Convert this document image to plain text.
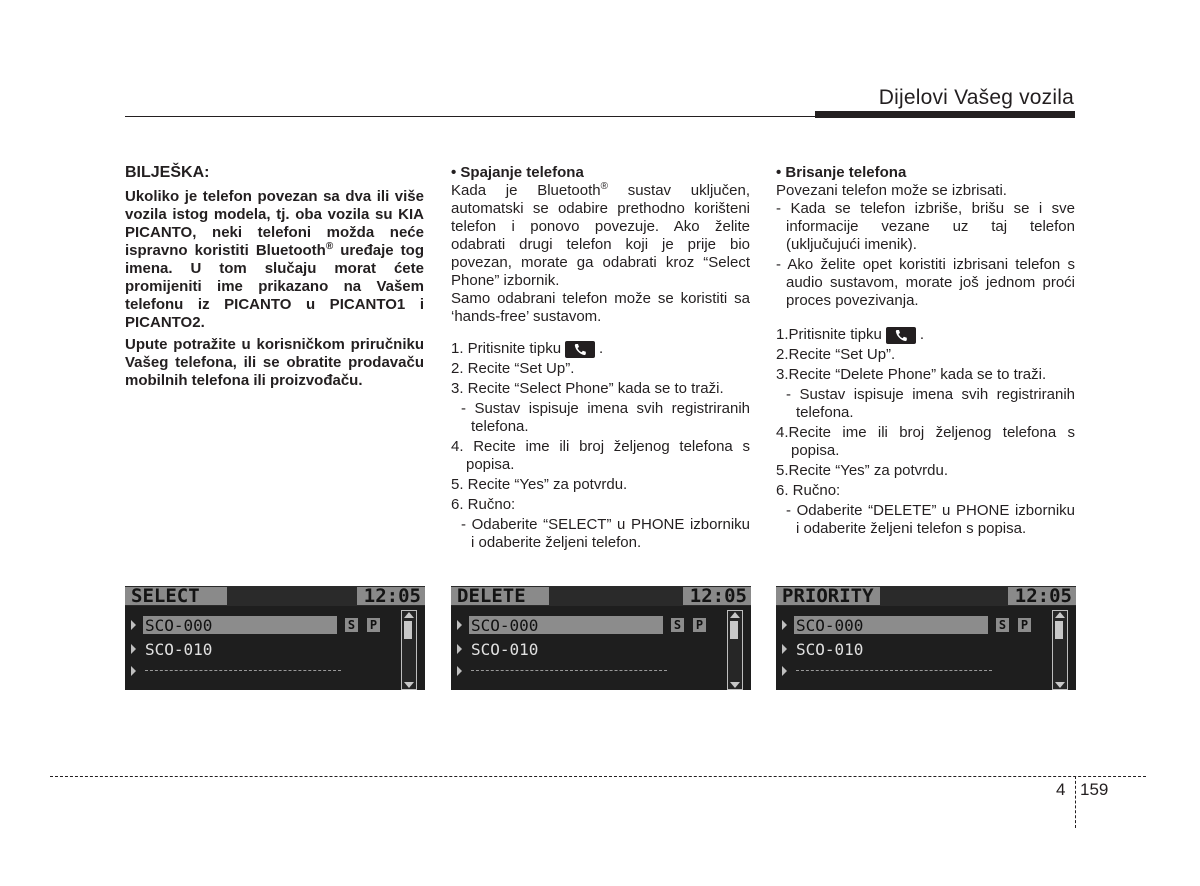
Dijelovi Vašeg vozila

BILJEŠKA:

Ukoliko je telefon povezan sa dva ili više vozila istog modela, tj. oba vozila su KIA PICANTO, neki telefoni možda neće ispravno koristiti Bluetooth® uređaje tog imena. U tom slučaju morat ćete promijeniti ime prikazano na Vašem telefonu iz PICANTO u PICANTO1 i PICANTO2.

Upute potražite u korisničkom priručniku Vašeg telefona, ili se obratite prodavaču mobilnih telefona ili proizvođaču.

• Spajanje telefona

Kada je Bluetooth® sustav uključen, automatski se odabire prethodno korišteni telefon i ponovo povezuje. Ako želite odabrati drugi telefon koji je prije bio povezan, morate ga odabrati kroz “Select Phone” izbornik.

Samo odabrani telefon može se koristiti sa ‘hands-free’ sustavom.

1. Pritisnite tipku	.

2. Recite “Set Up”.

3. Recite “Select Phone” kada se to traži.

- Sustav ispisuje imena svih registriranih telefona.

4. Recite ime ili broj željenog telefona s popisa.

5. Recite “Yes” za potvrdu.

6. Ručno:

- Odaberite “SELECT” u PHONE izborniku i odaberite željeni telefon.

• Brisanje telefona

Povezani telefon može se izbrisati.

- Kada se telefon izbriše, brišu se i sve informacije vezane uz taj telefon (uključujući imenik).

- Ako želite opet koristiti izbrisani telefon s audio sustavom, morate još jednom proći proces povezivanja.

1.Pritisnite tipku	.

2.Recite “Set Up”.

3.Recite “Delete Phone” kada se to traži.

- Sustav ispisuje imena svih registriranih telefona.

4.Recite ime ili broj željenog telefona s popisa.

5.Recite “Yes” za potvrdu.

6. Ručno:

- Odaberite “DELETE” u PHONE izborniku i odaberite željeni telefon s popisa.

SELECT	12:05
SCO-000	S P
SCO-010
DELETE	12:05
SCO-000	S P
SCO-010
PRIORITY	12:05
SCO-000	S P
SCO-010
4 159
